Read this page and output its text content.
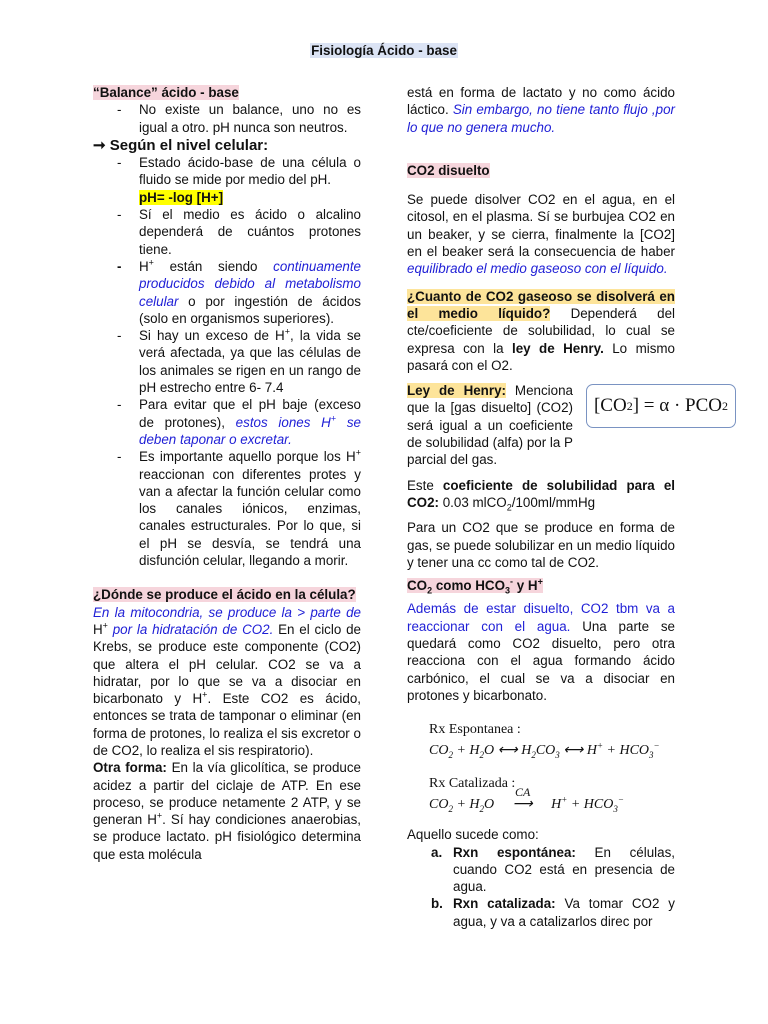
Fisiología Ácido - base
“Balance” ácido - base
- No existe un balance, uno no es igual a otro. pH nunca son neutros.
➞ Según el nivel celular:
- Estado ácido-base de una célula o fluido se mide por medio del pH.
pH= -log [H+]
- Sí el medio es ácido o alcalino dependerá de cuántos protones tiene.
- H+ están siendo continuamente producidos debido al metabolismo celular o por ingestión de ácidos (solo en organismos superiores).
- Si hay un exceso de H+, la vida se verá afectada, ya que las células de los animales se rigen en un rango de pH estrecho entre 6- 7.4
- Para evitar que el pH baje (exceso de protones), estos iones H+ se deben taponar o excretar.
- Es importante aquello porque los H+ reaccionan con diferentes protes y van a afectar la función celular como los canales iónicos, enzimas, canales estructurales. Por lo que, si el pH se desvía, se tendrá una disfunción celular, llegando a morir.
¿Dónde se produce el ácido en la célula?
En la mitocondria, se produce la > parte de H+ por la hidratación de CO2. En el ciclo de Krebs, se produce este componente (CO2) que altera el pH celular. CO2 se va a hidratar, por lo que se va a disociar en bicarbonato y H+. Este CO2 es ácido, entonces se trata de tamponar o eliminar (en forma de protones, lo realiza el sis excretor o de CO2, lo realiza el sis respiratorio).
Otra forma: En la vía glicolítica, se produce acidez a partir del ciclaje de ATP. En ese proceso, se produce netamente 2 ATP, y se generan H+. Sí hay condiciones anaerobias, se produce lactato. pH fisiológico determina que esta molécula
está en forma de lactato y no como ácido láctico. Sin embargo, no tiene tanto flujo ,por lo que no genera mucho.
CO2 disuelto
Se puede disolver CO2 en el agua, en el citosol, en el plasma. Sí se burbujea CO2 en un beaker, y se cierra, finalmente la [CO2] en el beaker será la consecuencia de haber equilibrado el medio gaseoso con el líquido.
¿Cuanto de CO2 gaseoso se disolverá en el medio líquido? Dependerá del cte/coeficiente de solubilidad, lo cual se expresa con la ley de Henry. Lo mismo pasará con el O2.
Ley de Henry: Menciona que la [gas disuelto] (CO2) será igual a un coeficiente de solubilidad (alfa) por la P parcial del gas.
Este coeficiente de solubilidad para el CO2: 0.03 mlCO$_2$/100ml/mmHg
Para un CO2 que se produce en forma de gas, se puede solubilizar en un medio líquido y tener una cc como tal de CO2.
$CO_2$ como $HCO_3^-$ y H+
Además de estar disuelto, CO2 tbm va a reaccionar con el agua. Una parte se quedará como CO2 disuelto, pero otra reacciona con el agua formando ácido carbónico, el cual se va a disociar en protones y bicarbonato.
Rx Espontanea :
$CO_2 + H_2O$ ⟷ $H_2CO_3$ ⟷ $H^+ + HCO_3^-$
Rx Catalizada :
$CO_2 + H_2O$
CA
⟶ $H^+ + HCO_3^-$
Aquello sucede como:
a. Rxn espontánea: En células, cuando CO2 está en presencia de agua.
b. Rxn catalizada: Va tomar CO2 y agua, y va a catalizarlos direc por
[CO 2 ] = α · PCO 2
